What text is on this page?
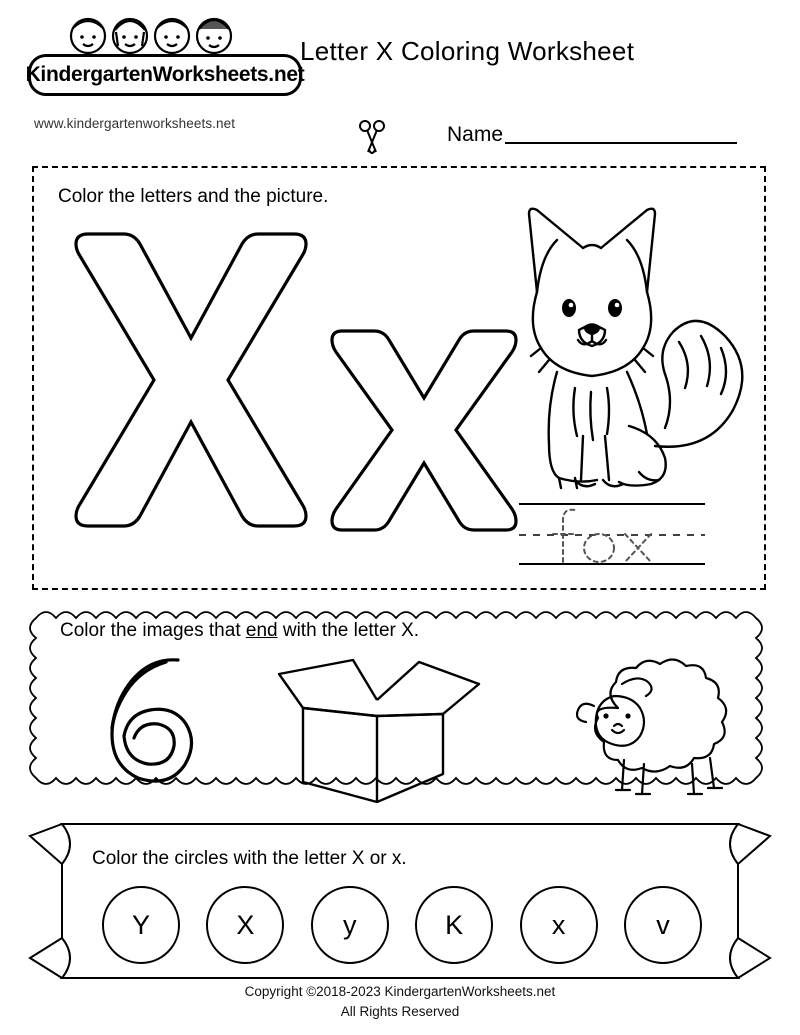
KindergartenWorksheets.net
www.kindergartenworksheets.net
Letter X Coloring Worksheet
Name
Color the letters and the picture.
Color the images that end with the letter X.
Color the circles with the letter X or x.
Y	X	y	K	x	v
Copyright ©2018-2023 KindergartenWorksheets.net
All Rights Reserved
